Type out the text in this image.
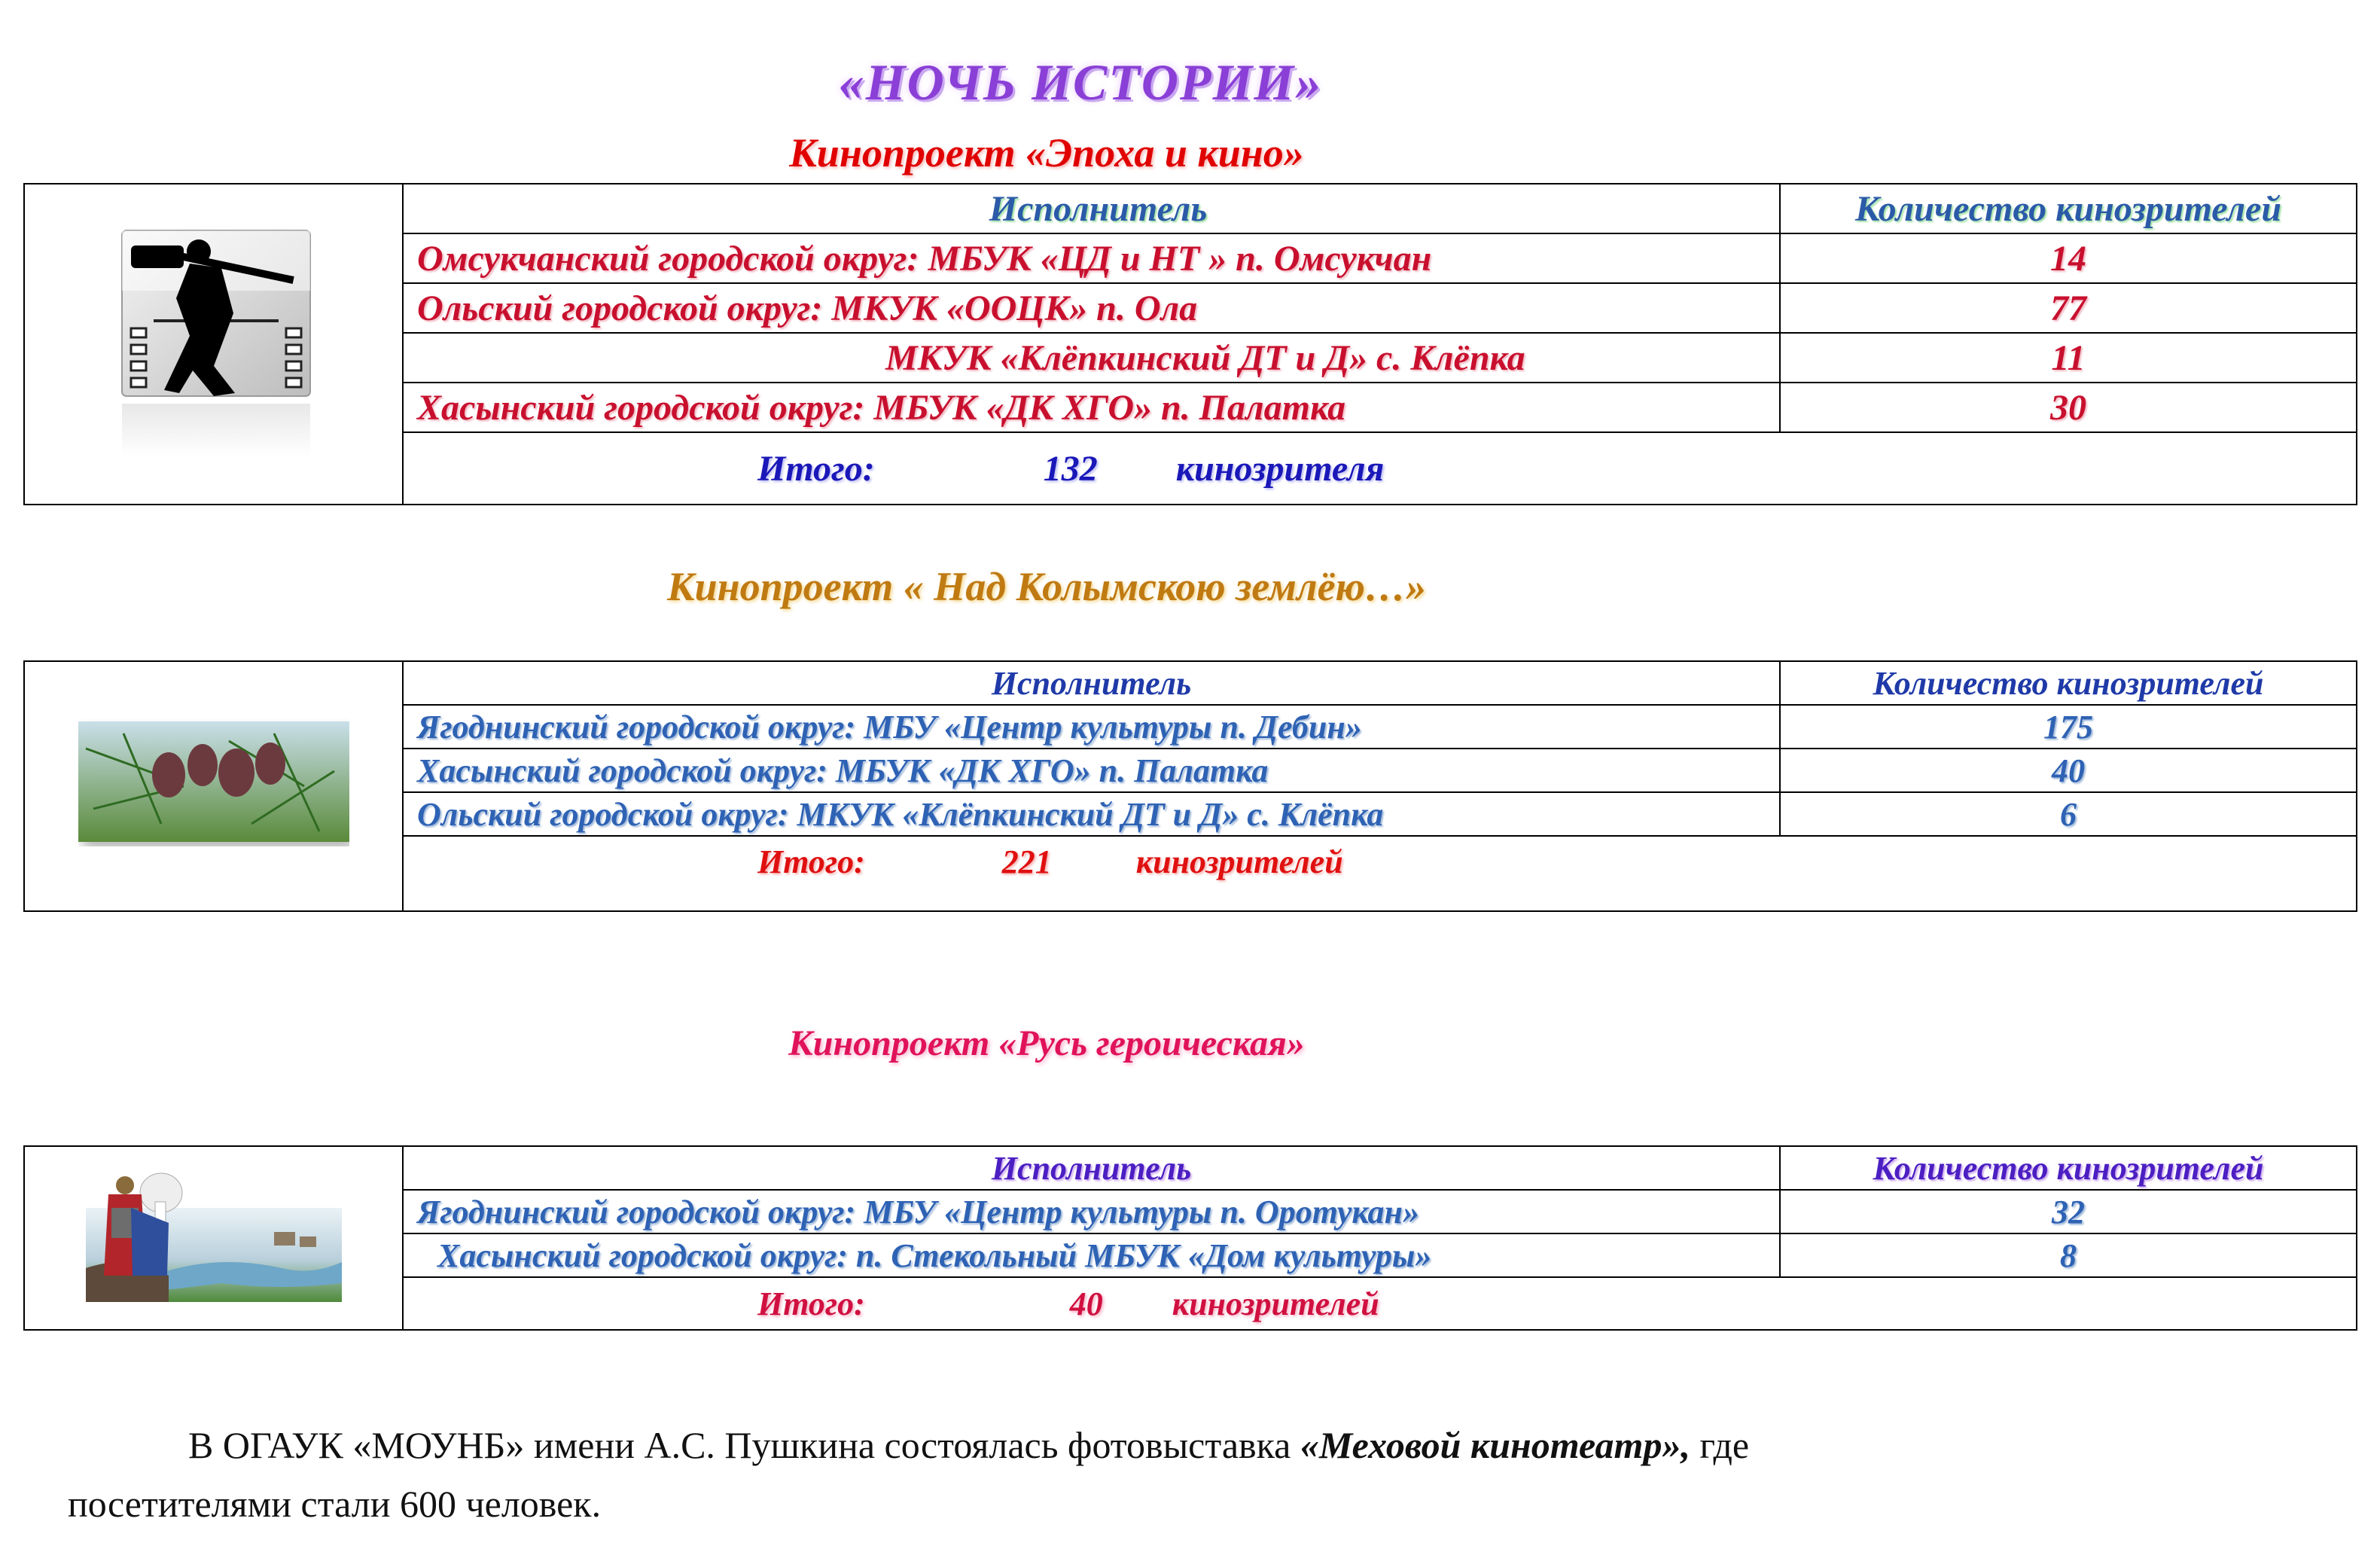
«НОЧЬ ИСТОРИИ»
Кинопроект «Эпоха и кино»
	Исполнитель	Количество кинозрителей
	Омсукчанский городской округ: МБУК «ЦД и НТ » п. Омсукчан	14
	Ольский городской округ: МКУК «ООЦК» п. Ола	77
	МКУК «Клёпкинский ДТ и Д» с. Клёпка	11
	Хасынский городской округ: МБУК «ДК ХГО» п. Палатка	30
	Итого: 132 кинозрителя	
Кинопроект « Над Колымскою землёю…»
	Исполнитель	Количество кинозрителей
	Ягоднинский городской округ: МБУ «Центр культуры п. Дебин»	175
	Хасынский городской округ: МБУК «ДК ХГО» п. Палатка	40
	Ольский городской округ: МКУК «Клёпкинский ДТ и Д» с. Клёпка	6
	Итого: 221 кинозрителей	
Кинопроект «Русь героическая»
	Исполнитель	Количество кинозрителей
	Ягоднинский городской округ: МБУ «Центр культуры п. Оротукан»	32
	Хасынский городской округ: п. Стекольный МБУК «Дом культуры»	8
	Итого: 40 кинозрителей	
В ОГАУК «МОУНБ» имени А.С. Пушкина состоялась фотовыставка «Меховой кинотеатр», где
посетителями стали 600 человек.
